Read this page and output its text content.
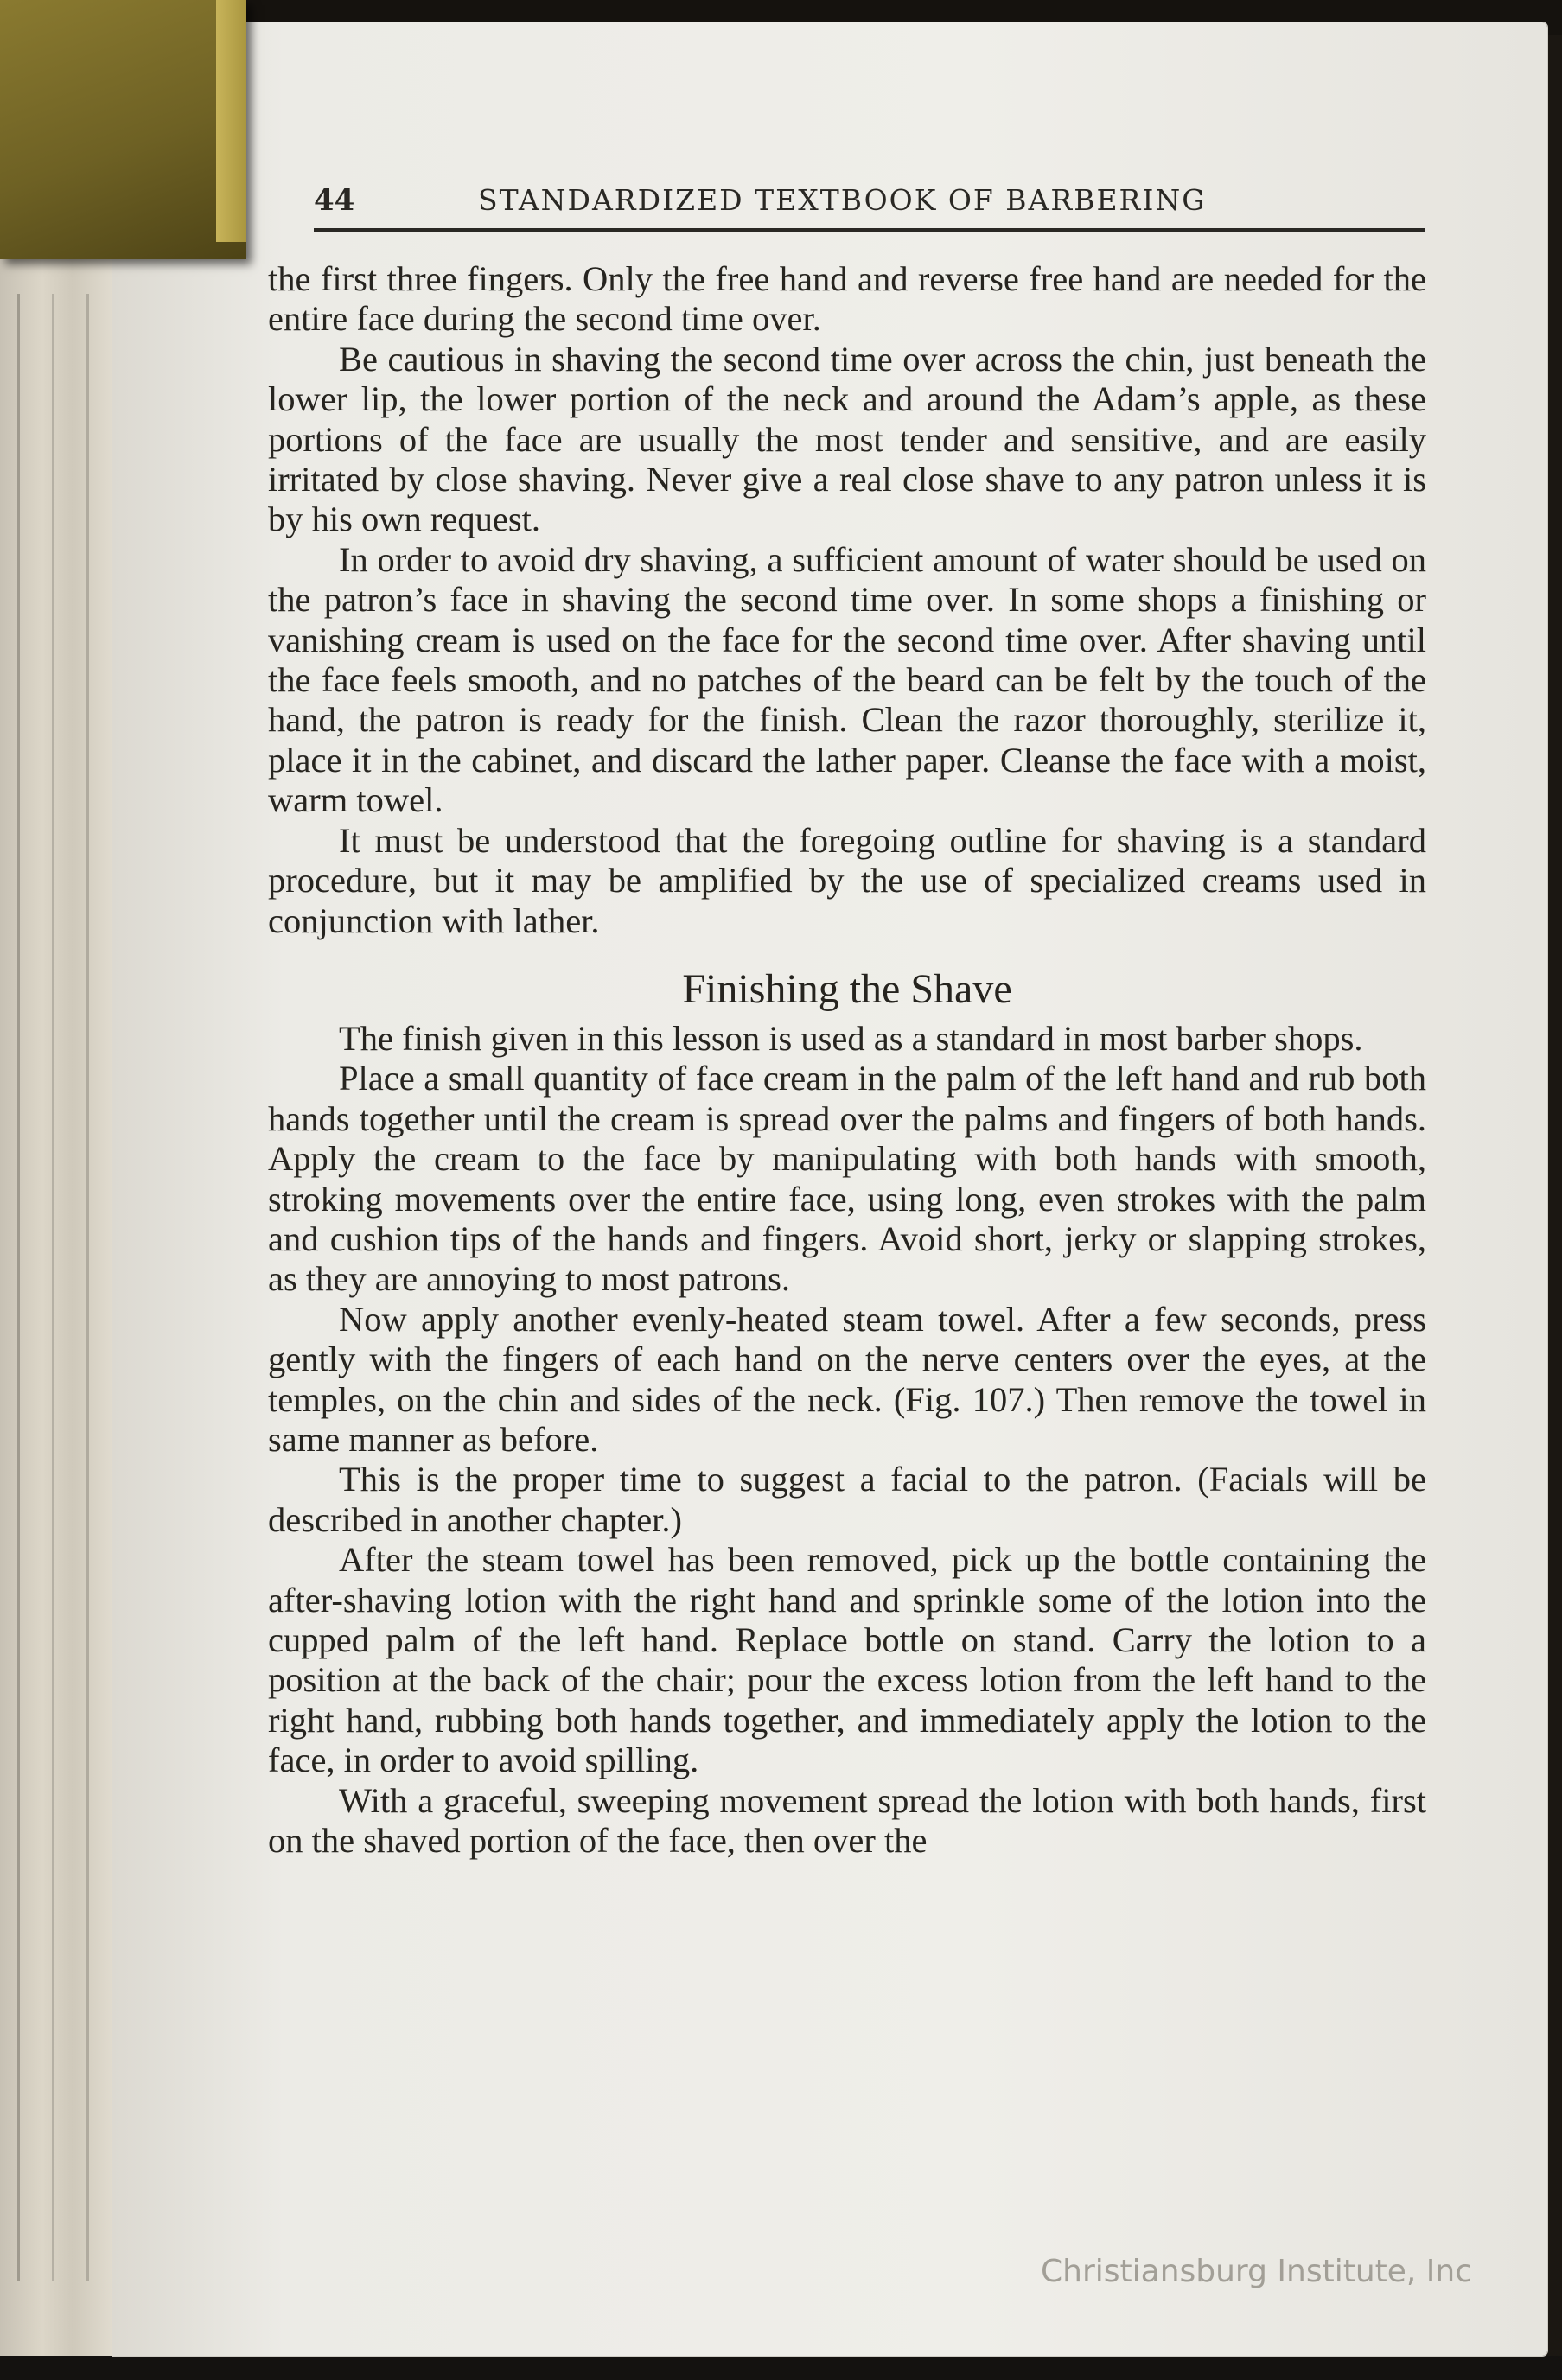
44	STANDARDIZED TEXTBOOK OF BARBERING

the first three fingers. Only the free hand and reverse free hand are needed for the entire face during the second time over.

Be cautious in shaving the second time over across the chin, just beneath the lower lip, the lower portion of the neck and around the Adam’s apple, as these portions of the face are usually the most tender and sensitive, and are easily irritated by close shaving. Never give a real close shave to any patron unless it is by his own request.

In order to avoid dry shaving, a sufficient amount of water should be used on the patron’s face in shaving the second time over. In some shops a finishing or vanishing cream is used on the face for the second time over. After shaving until the face feels smooth, and no patches of the beard can be felt by the touch of the hand, the patron is ready for the finish. Clean the razor thoroughly, sterilize it, place it in the cabinet, and discard the lather paper. Cleanse the face with a moist, warm towel.

It must be understood that the foregoing outline for shaving is a standard procedure, but it may be amplified by the use of specialized creams used in conjunction with lather.

Finishing the Shave

The finish given in this lesson is used as a standard in most barber shops.

Place a small quantity of face cream in the palm of the left hand and rub both hands together until the cream is spread over the palms and fingers of both hands. Apply the cream to the face by manipulating with both hands with smooth, stroking movements over the entire face, using long, even strokes with the palm and cushion tips of the hands and fingers. Avoid short, jerky or slapping strokes, as they are annoying to most patrons.

Now apply another evenly-heated steam towel. After a few seconds, press gently with the fingers of each hand on the nerve centers over the eyes, at the temples, on the chin and sides of the neck. (Fig. 107.) Then remove the towel in same manner as before.

This is the proper time to suggest a facial to the patron. (Facials will be described in another chapter.)

After the steam towel has been removed, pick up the bottle containing the after-shaving lotion with the right hand and sprinkle some of the lotion into the cupped palm of the left hand. Replace bottle on stand. Carry the lotion to a position at the back of the chair; pour the excess lotion from the left hand to the right hand, rubbing both hands together, and immediately apply the lotion to the face, in order to avoid spilling.

With a graceful, sweeping movement spread the lotion with both hands, first on the shaved portion of the face, then over the

Christiansburg Institute, Inc
